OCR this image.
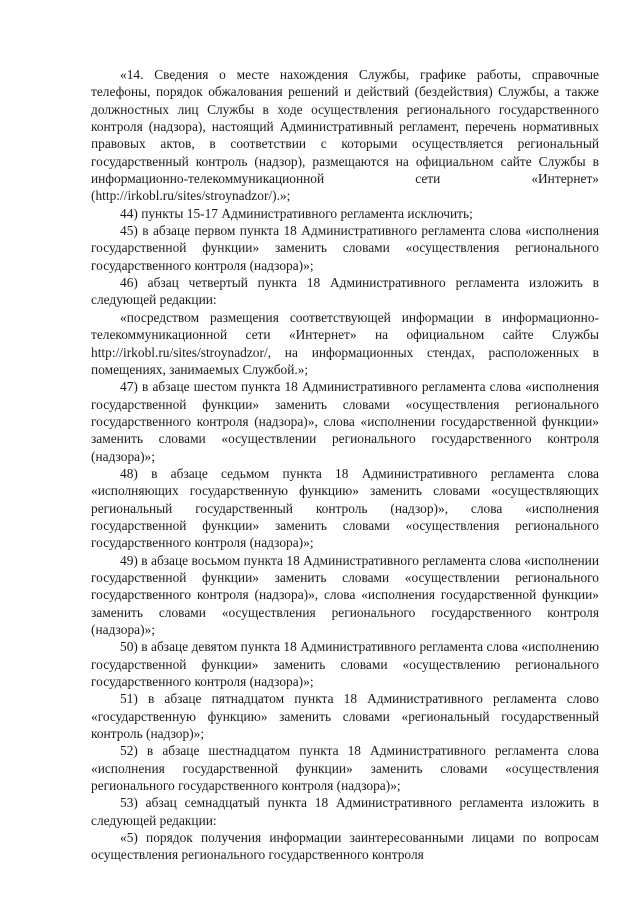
«14. Сведения о месте нахождения Службы, графике работы, справочные телефоны, порядок обжалования решений и действий (бездействия) Службы, а также должностных лиц Службы в ходе осуществления регионального государственного контроля (надзора), настоящий Административный регламент, перечень нормативных правовых актов, в соответствии с которыми осуществляется региональный государственный контроль (надзор), размещаются на официальном сайте Службы в информационно-телекоммуникационной сети «Интернет» (http://irkobl.ru/sites/stroynadzor/).»;

44) пункты 15-17 Административного регламента исключить;

45) в абзаце первом пункта 18 Административного регламента слова «исполнения государственной функции» заменить словами «осуществления регионального государственного контроля (надзора)»;

46) абзац четвертый пункта 18 Административного регламента изложить в следующей редакции:

«посредством размещения соответствующей информации в информационно-телекоммуникационной сети «Интернет» на официальном сайте Службы http://irkobl.ru/sites/stroynadzor/, на информационных стендах, расположенных в помещениях, занимаемых Службой.»;

47) в абзаце шестом пункта 18 Административного регламента слова «исполнения государственной функции» заменить словами «осуществления регионального государственного контроля (надзора)», слова «исполнении государственной функции» заменить словами «осуществлении регионального государственного контроля (надзора)»;

48) в абзаце седьмом пункта 18 Административного регламента слова «исполняющих государственную функцию» заменить словами «осуществляющих региональный государственный контроль (надзор)», слова «исполнения государственной функции» заменить словами «осуществления регионального государственного контроля (надзора)»;

49) в абзаце восьмом пункта 18 Административного регламента слова «исполнении государственной функции» заменить словами «осуществлении регионального государственного контроля (надзора)», слова «исполнения государственной функции» заменить словами «осуществления регионального государственного контроля (надзора)»;

50) в абзаце девятом пункта 18 Административного регламента слова «исполнению государственной функции» заменить словами «осуществлению регионального государственного контроля (надзора)»;

51) в абзаце пятнадцатом пункта 18 Административного регламента слово «государственную функцию» заменить словами «региональный государственный контроль (надзор)»;

52) в абзаце шестнадцатом пункта 18 Административного регламента слова «исполнения государственной функции» заменить словами «осуществления регионального государственного контроля (надзора)»;

53) абзац семнадцатый пункта 18 Административного регламента изложить в следующей редакции:

«5) порядок получения информации заинтересованными лицами по вопросам осуществления регионального государственного контроля
